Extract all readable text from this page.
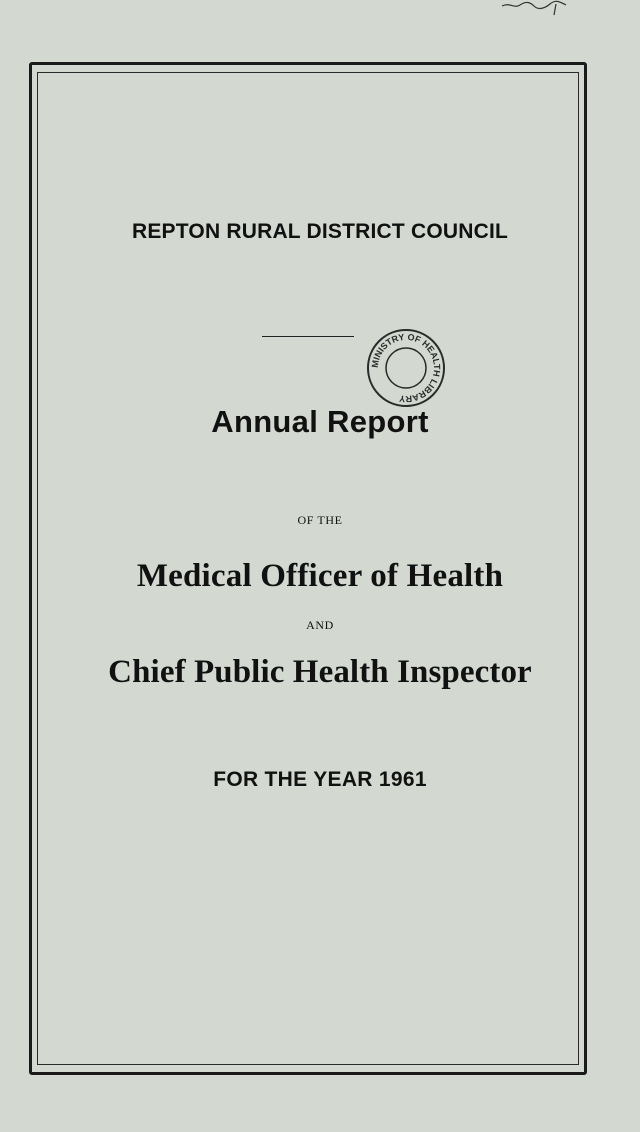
REPTON RURAL DISTRICT COUNCIL
MINISTRY OF HEALTH LIBRARY
Annual Report
OF THE
Medical Officer of Health
AND
Chief Public Health Inspector
FOR THE YEAR 1961
